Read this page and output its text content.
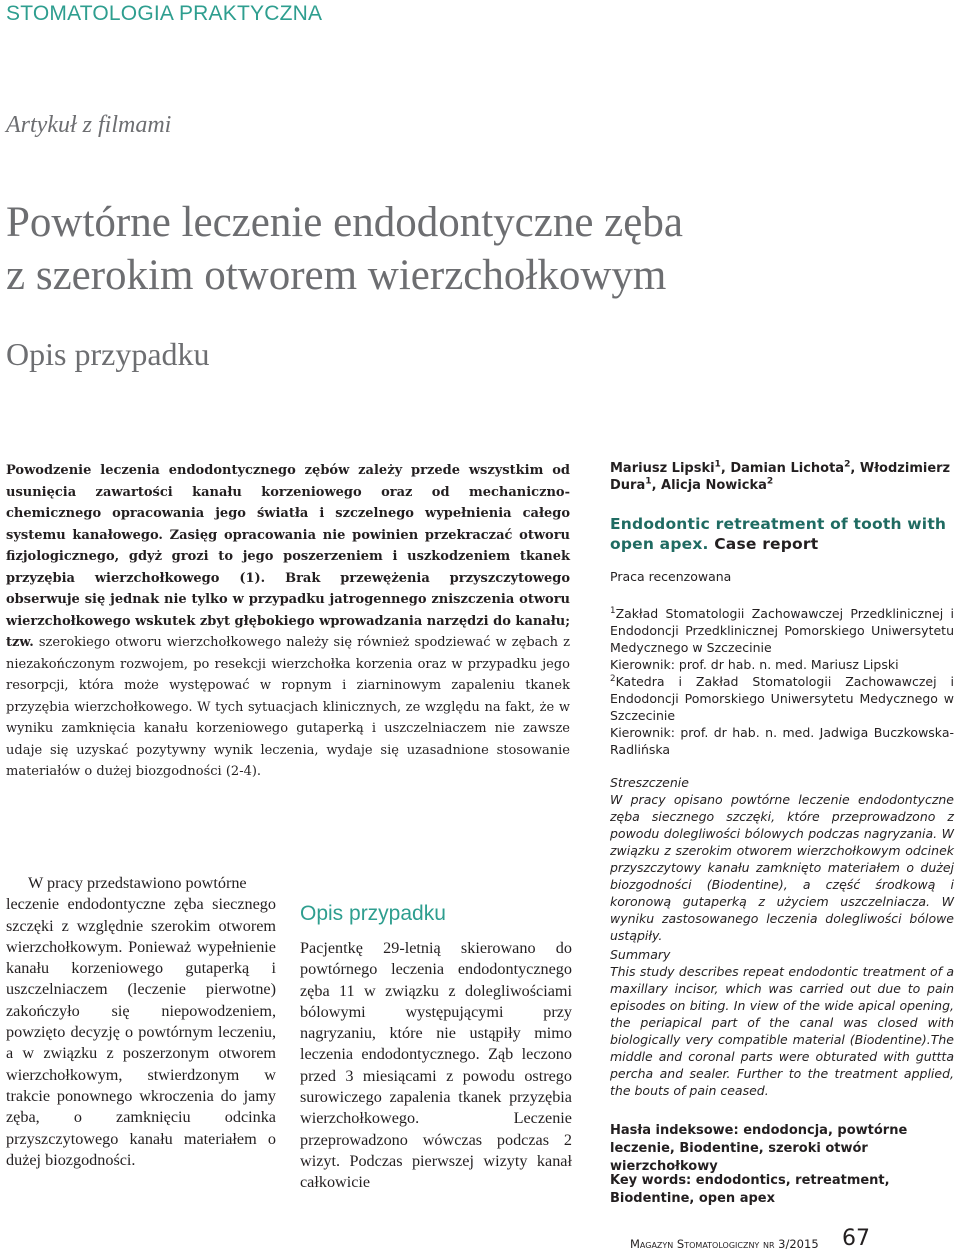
STOMATOLOGIA PRAKTYCZNA
Artykuł z filmami
Powtórne leczenie endodontyczne zęba
z szerokim otworem wierzchołkowym
Opis przypadku

Powodzenie leczenia endodontycznego zębów zależy przede wszystkim od usunięcia zawartości kanału korzeniowego oraz od mechaniczno-chemicznego opracowania jego światła i szczelnego wypełnienia całego systemu kanałowego. Zasięg opracowania nie powinien przekraczać otworu fizjologicznego, gdyż grozi to jego poszerzeniem i uszkodzeniem tkanek przyzębia wierzchołkowego (1). Brak przewężenia przyszczytowego obserwuje się jednak nie tylko w przypadku jatrogennego zniszczenia otworu wierzchołkowego wskutek zbyt głębokiego wprowadzania narzędzi do kanału; tzw. szerokiego otworu wierzchołkowego należy się również spodziewać w zębach z niezakończonym rozwojem, po resekcji wierzchołka korzenia oraz w przypadku jego resorpcji, która może występować w ropnym i ziarninowym zapaleniu tkanek przyzębia wierzchołkowego. W tych sytuacjach klinicznych, ze względu na fakt, że w wyniku zamknięcia kanału korzeniowego gutaperką i uszczelniaczem nie zawsze udaje się uzyskać pozytywny wynik leczenia, wydaje się uzasadnione stosowanie materiałów o dużej biozgodności (2-4).

W pracy przedstawiono powtórne
leczenie endodontyczne zęba siecznego szczęki z względnie szerokim otworem wierzchołkowym. Ponieważ wypełnienie kanału korzeniowego gutaperką i uszczelniaczem (leczenie pierwotne) zakończyło się niepowodzeniem, powzięto decyzję o powtórnym leczeniu, a w związku z poszerzonym otworem wierzchołkowym, stwierdzonym w trakcie ponownego wkroczenia do jamy zęba, o zamknięciu odcinka przyszczytowego kanału materiałem o dużej biozgodności.

Opis przypadku

Pacjentkę 29-letnią skierowano do powtórnego leczenia endodontycznego zęba 11 w związku z dolegliwościami bólowymi występującymi przy nagryzaniu, które nie ustąpiły mimo leczenia endodontycznego. Ząb leczono przed 3 miesiącami z powodu ostrego surowiczego zapalenia tkanek przyzębia wierzchołkowego. Leczenie przeprowadzono wówczas podczas 2 wizyt. Podczas pierwszej wizyty kanał całkowicie

Mariusz Lipski$^1$, Damian Lichota$^2$, Włodzimierz Dura$^1$, Alicja Nowicka$^2$

Endodontic retreatment of tooth with open apex. Case report

Praca recenzowana

$^1$Zakład Stomatologii Zachowawczej Przedklinicznej i Endodoncji Przedklinicznej Pomorskiego Uniwersytetu Medycznego w Szczecinie

Kierownik: prof. dr hab. n. med. Mariusz Lipski

$^2$Katedra i Zakład Stomatologii Zachowawczej i Endodoncji Pomorskiego Uniwersytetu Medycznego w Szczecinie

Kierownik: prof. dr hab. n. med. Jadwiga Buczkowska-Radlińska

Streszczenie
W pracy opisano powtórne leczenie endodontyczne zęba siecznego szczęki, które przeprowadzono z powodu dolegliwości bólowych podczas nagryzania. W związku z szerokim otworem wierzchołkowym odcinek przyszczytowy kanału zamknięto materiałem o dużej biozgodności (Biodentine), a część środkową i koronową gutaperką z użyciem uszczelniacza. W wyniku zastosowanego leczenia dolegliwości bólowe ustąpiły.

Summary
This study describes repeat endodontic treatment of a maxillary incisor, which was carried out due to pain episodes on biting. In view of the wide apical opening, the periapical part of the canal was closed with biologically very compatible material (Biodentine).The middle and coronal parts were obturated with guttta percha and sealer. Further to the treatment applied, the bouts of pain ceased.

Hasła indeksowe: endodoncja, powtórne leczenie, Biodentine, szeroki otwór wierzchołkowy

Key words: endodontics, retreatment, Biodentine, open apex

Magazyn Stomatologiczny nr 3/2015 67
